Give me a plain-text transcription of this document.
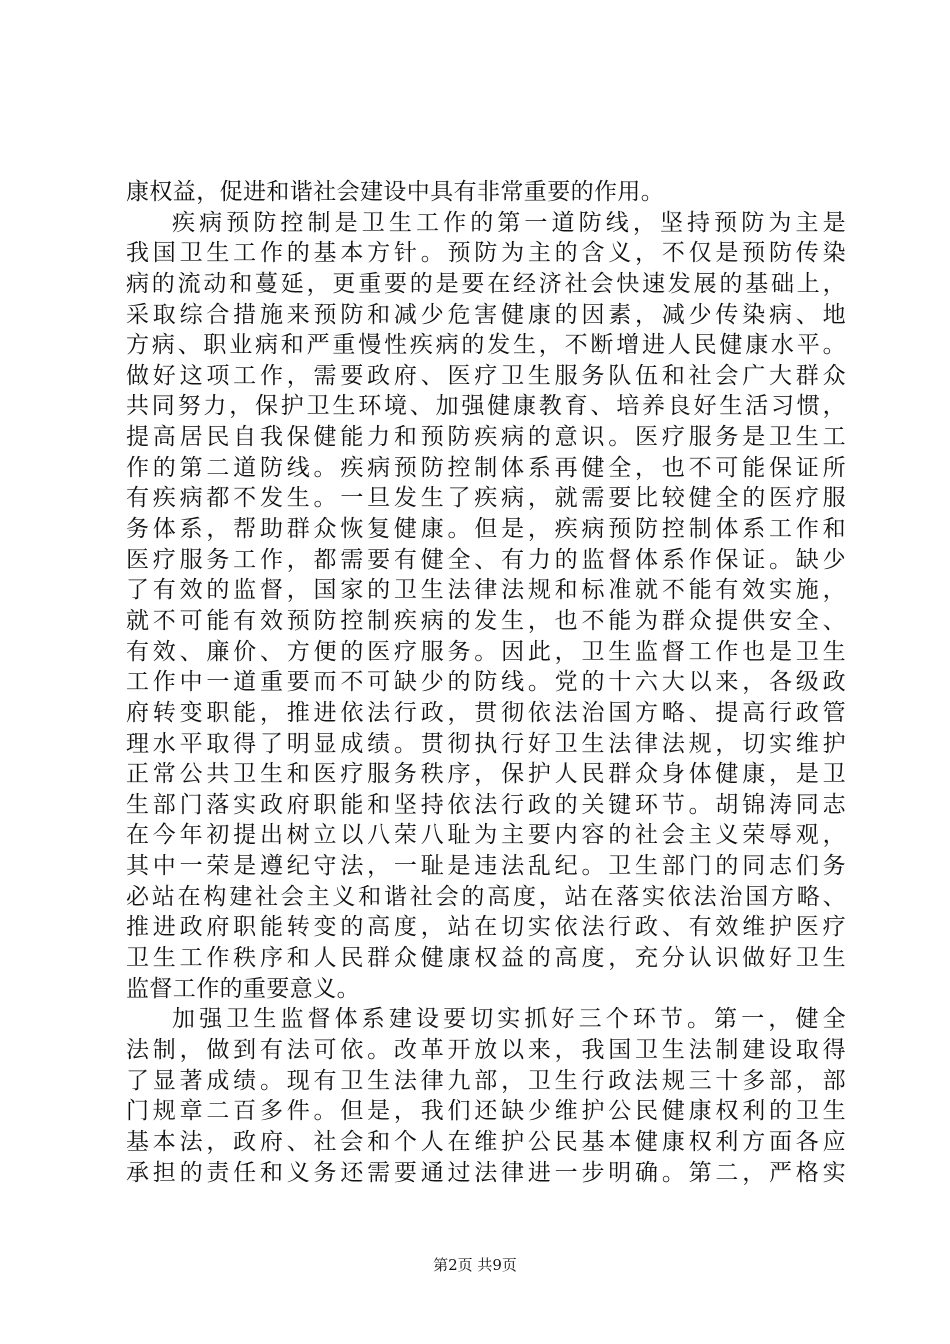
康权益，促进和谐社会建设中具有非常重要的作用。
疾病预防控制是卫生工作的第一道防线，坚持预防为主是
我国卫生工作的基本方针。预防为主的含义，不仅是预防传染
病的流动和蔓延，更重要的是要在经济社会快速发展的基础上，
采取综合措施来预防和减少危害健康的因素，减少传染病、地
方病、职业病和严重慢性疾病的发生，不断增进人民健康水平。
做好这项工作，需要政府、医疗卫生服务队伍和社会广大群众
共同努力，保护卫生环境、加强健康教育、培养良好生活习惯，
提高居民自我保健能力和预防疾病的意识。医疗服务是卫生工
作的第二道防线。疾病预防控制体系再健全，也不可能保证所
有疾病都不发生。一旦发生了疾病，就需要比较健全的医疗服
务体系，帮助群众恢复健康。但是，疾病预防控制体系工作和
医疗服务工作，都需要有健全、有力的监督体系作保证。缺少
了有效的监督，国家的卫生法律法规和标准就不能有效实施，
就不可能有效预防控制疾病的发生，也不能为群众提供安全、
有效、廉价、方便的医疗服务。因此，卫生监督工作也是卫生
工作中一道重要而不可缺少的防线。党的十六大以来，各级政
府转变职能，推进依法行政，贯彻依法治国方略、提高行政管
理水平取得了明显成绩。贯彻执行好卫生法律法规，切实维护
正常公共卫生和医疗服务秩序，保护人民群众身体健康，是卫
生部门落实政府职能和坚持依法行政的关键环节。胡锦涛同志
在今年初提出树立以八荣八耻为主要内容的社会主义荣辱观，
其中一荣是遵纪守法，一耻是违法乱纪。卫生部门的同志们务
必站在构建社会主义和谐社会的高度，站在落实依法治国方略、
推进政府职能转变的高度，站在切实依法行政、有效维护医疗
卫生工作秩序和人民群众健康权益的高度，充分认识做好卫生
监督工作的重要意义。
加强卫生监督体系建设要切实抓好三个环节。第一，健全
法制，做到有法可依。改革开放以来，我国卫生法制建设取得
了显著成绩。现有卫生法律九部，卫生行政法规三十多部，部
门规章二百多件。但是，我们还缺少维护公民健康权利的卫生
基本法，政府、社会和个人在维护公民基本健康权利方面各应
承担的责任和义务还需要通过法律进一步明确。第二，严格实
第2页 共9页
